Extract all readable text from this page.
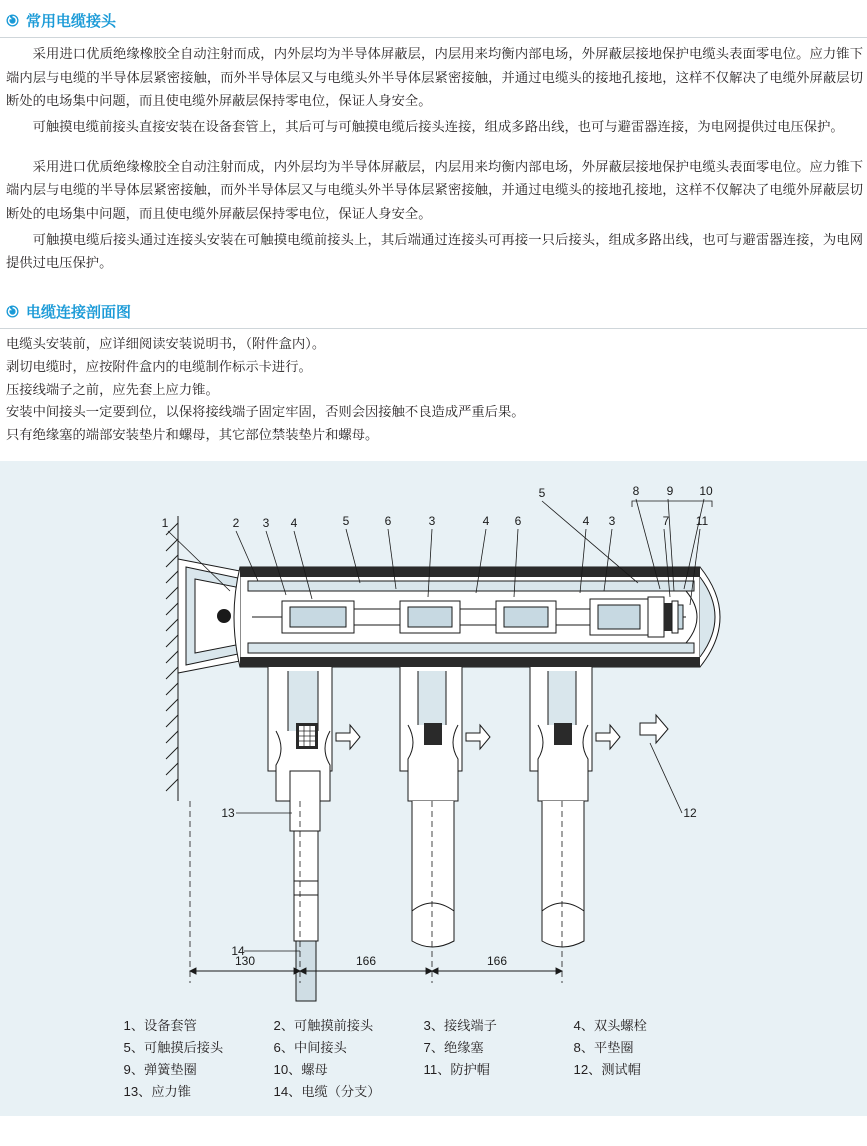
常用电缆接头

采用进口优质绝缘橡胶全自动注射而成，内外层均为半导体屏蔽层，内层用来均衡内部电场，外屏蔽层接地保护电缆头表面零电位。应力锥下端内层与电缆的半导体层紧密接触，而外半导体层又与电缆头外半导体层紧密接触，并通过电缆头的接地孔接地，这样不仅解决了电缆外屏蔽层切断处的电场集中问题，而且使电缆外屏蔽层保持零电位，保证人身安全。

可触摸电缆前接头直接安装在设备套管上，其后可与可触摸电缆后接头连接，组成多路出线，也可与避雷器连接，为电网提供过电压保护。

采用进口优质绝缘橡胶全自动注射而成，内外层均为半导体屏蔽层，内层用来均衡内部电场，外屏蔽层接地保护电缆头表面零电位。应力锥下端内层与电缆的半导体层紧密接触，而外半导体层又与电缆头外半导体层紧密接触，并通过电缆头的接地孔接地，这样不仅解决了电缆外屏蔽层切断处的电场集中问题，而且使电缆外屏蔽层保持零电位，保证人身安全。

可触摸电缆后接头通过连接头安装在可触摸电缆前接头上，其后端通过连接头可再接一只后接头，组成多路出线，也可与避雷器连接，为电网提供过电压保护。

电缆连接剖面图
电缆头安装前，应详细阅读安装说明书，（附件盒内）。
剥切电缆时，应按附件盒内的电缆制作标示卡进行。
压接线端子之前，应先套上应力锥。
安装中间接头一定要到位，以保将接线端子固定牢固，否则会因接触不良造成严重后果。
只有绝缘塞的端部安装垫片和螺母，其它部位禁装垫片和螺母。
1	2 3 4	5	6	3	4 6	4 3
5	8 9 10
7 11
13
14
12
130	166	166
1、设备套管	2、可触摸前接头	3、接线端子	4、双头螺栓
5、可触摸后接头	6、中间接头	7、绝缘塞	8、平垫圈
9、弹簧垫圈	10、螺母	11、防护帽	12、测试帽
13、应力锥	14、电缆（分支）
